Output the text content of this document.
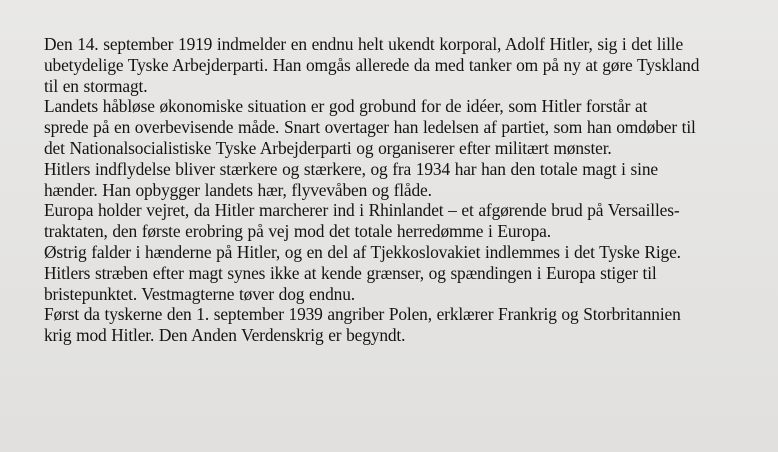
Den 14. september 1919 indmelder en endnu helt ukendt korporal, Adolf Hitler, sig i det lille
ubetydelige Tyske Arbejderparti. Han omgås allerede da med tanker om på ny at gøre Tyskland
til en stormagt.
Landets håbløse økonomiske situation er god grobund for de idéer, som Hitler forstår at
sprede på en overbevisende måde. Snart overtager han ledelsen af partiet, som han omdøber til
det Nationalsocialistiske Tyske Arbejderparti og organiserer efter militært mønster.
Hitlers indflydelse bliver stærkere og stærkere, og fra 1934 har han den totale magt i sine
hænder. Han opbygger landets hær, flyvevåben og flåde.
Europa holder vejret, da Hitler marcherer ind i Rhinlandet – et afgørende brud på Versailles-
traktaten, den første erobring på vej mod det totale herredømme i Europa.
Østrig falder i hænderne på Hitler, og en del af Tjekkoslovakiet indlemmes i det Tyske Rige.
Hitlers stræben efter magt synes ikke at kende grænser, og spændingen i Europa stiger til
bristepunktet. Vestmagterne tøver dog endnu.
Først da tyskerne den 1. september 1939 angriber Polen, erklærer Frankrig og Storbritannien
krig mod Hitler. Den Anden Verdenskrig er begyndt.
